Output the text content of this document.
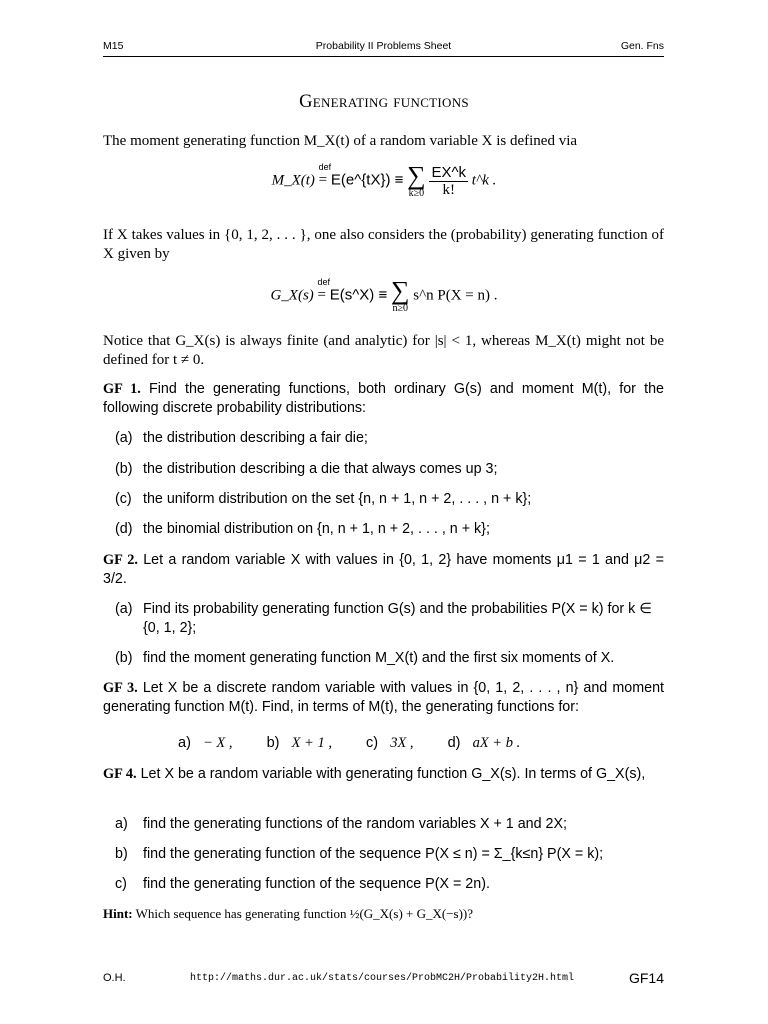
M15	Probability II Problems Sheet	Gen. Fns
Generating functions
The moment generating function M_X(t) of a random variable X is defined via
M_X(t)
def
= E(e^{tX}) ≡ ∑
k≥0
$\frac{EX\^{}k}{k!}$ t^k .
If X takes values in {0, 1, 2, . . . }, one also considers the (probability) generating function of X given by
G_X(s)
def
= E(s^X) ≡ ∑
n≥0
s^n P(X = n) .
Notice that G_X(s) is always finite (and analytic) for |s| < 1, whereas M_X(t) might not be defined for t ≠ 0.
GF 1. Find the generating functions, both ordinary G(s) and moment M(t), for the following discrete probability distributions:
(a) the distribution describing a fair die;
(b) the distribution describing a die that always comes up 3;
(c) the uniform distribution on the set {n, n + 1, n + 2, . . . , n + k};
(d) the binomial distribution on {n, n + 1, n + 2, . . . , n + k};
GF 2. Let a random variable X with values in {0, 1, 2} have moments μ1 = 1 and μ2 = 3/2.
(a) Find its probability generating function G(s) and the probabilities P(X = k) for k ∈ {0, 1, 2};
(b) find the moment generating function M_X(t) and the first six moments of X.
GF 3. Let X be a discrete random variable with values in {0, 1, 2, . . . , n} and moment generating function M(t). Find, in terms of M(t), the generating functions for:
a) − X , b) X + 1 , c) 3X , d) aX + b .
GF 4. Let X be a random variable with generating function G_X(s). In terms of G_X(s),
a) find the generating functions of the random variables X + 1 and 2X;
b) find the generating function of the sequence P(X ≤ n) = Σ_{k≤n} P(X = k);
c) find the generating function of the sequence P(X = 2n).
Hint: Which sequence has generating function ½(G_X(s) + G_X(−s))?
O.H.	http://maths.dur.ac.uk/stats/courses/ProbMC2H/Probability2H.html	GF14
